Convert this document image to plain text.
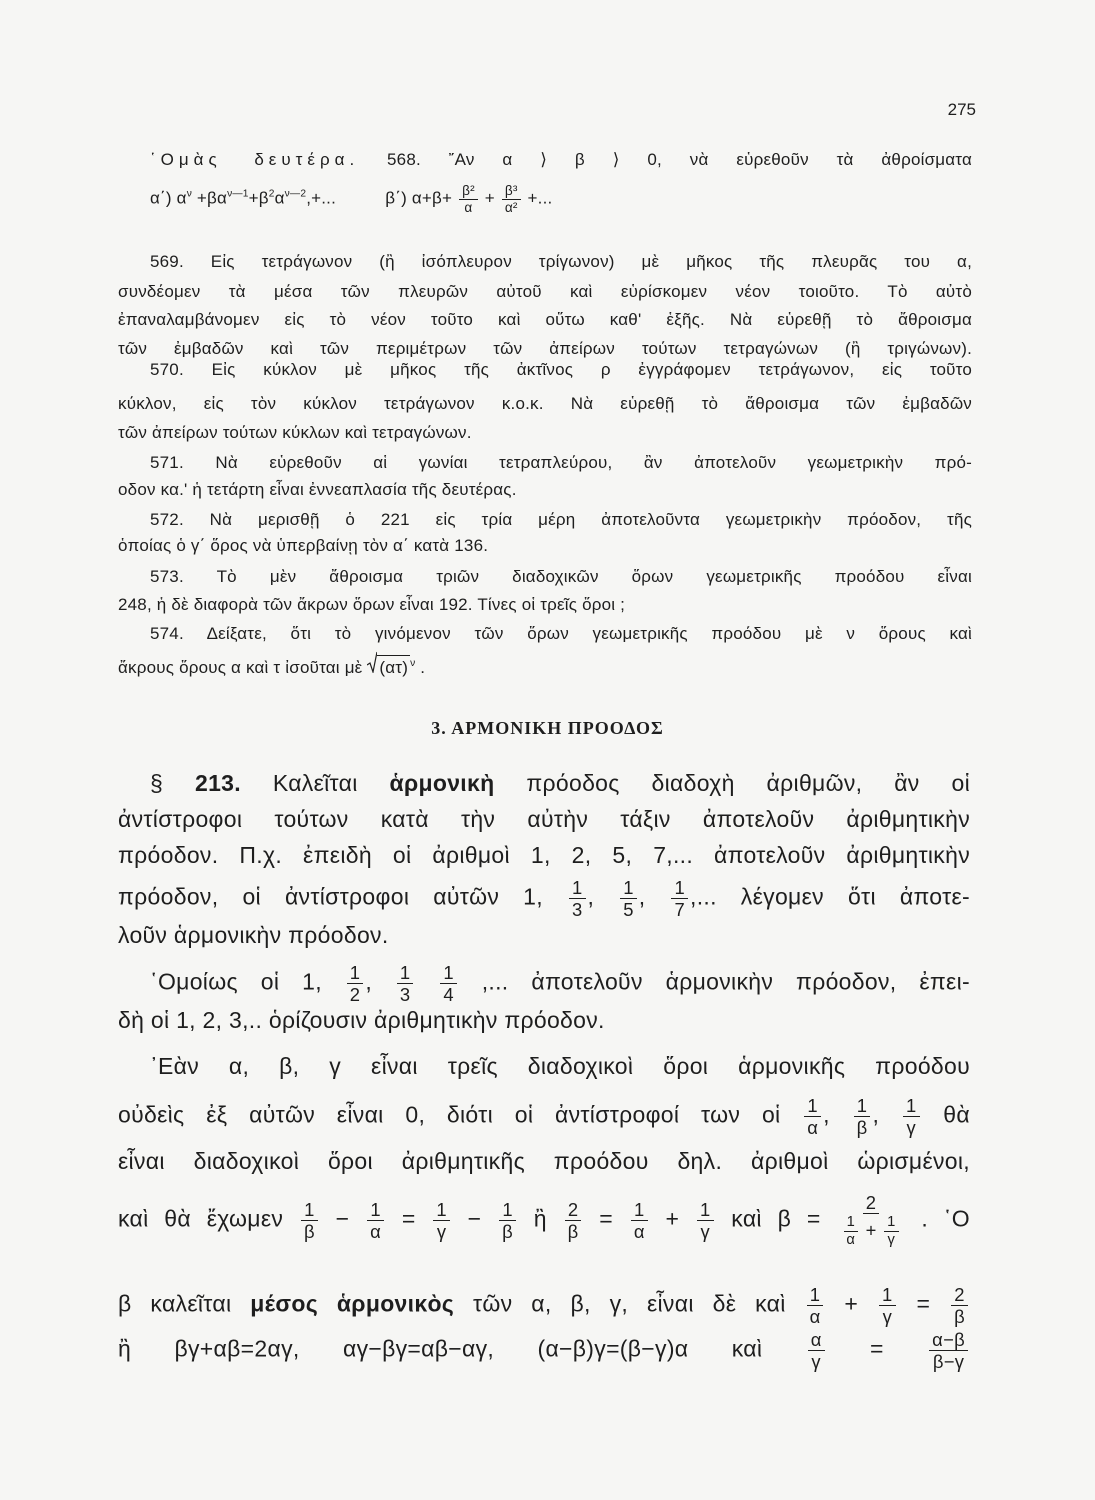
275
῾Ομὰς δευτέρα. 568. ῎Αν α ⟩ β ⟩ 0, νὰ εὑρεθοῦν τὰ ἀθροίσματα
α΄) $\alpha^\nu +\beta\alpha^{\nu—1}+\beta^2\alpha^{\nu—2},+$...          β΄) $\alpha+\beta+ \frac{\text{β²}}{\alpha} + \frac{\text{β³}}{\text{α²}}$ +...
569. Εἰς τετράγωνον (ἢ ἰσόπλευρον τρίγωνον) μὲ μῆκος τῆς πλευρᾶς του α,
συνδέομεν τὰ μέσα τῶν πλευρῶν αὐτοῦ καὶ εὑρίσκομεν νέον τοιοῦτο. Τὸ αὐτὸ
ἐπαναλαμβάνομεν εἰς τὸ νέον τοῦτο καὶ οὕτω καθ' ἑξῆς. Νὰ εὑρεθῇ τὸ ἄθροισμα
τῶν ἐμβαδῶν καὶ τῶν περιμέτρων τῶν ἀπείρων τούτων τετραγώνων (ἢ τριγώνων).
570. Εἰς κύκλον μὲ μῆκος τῆς ἀκτῖνος ρ ἐγγράφομεν τετράγωνον, εἰς τοῦτο
κύκλον, εἰς τὸν κύκλον τετράγωνον κ.ο.κ. Νὰ εὑρεθῇ τὸ ἄθροισμα τῶν ἐμβαδῶν
τῶν ἀπείρων τούτων κύκλων καὶ τετραγώνων.
571. Νὰ εὑρεθοῦν αἱ γωνίαι τετραπλεύρου, ἂν ἀποτελοῦν γεωμετρικὴν πρό-
οδον κα.' ἡ τετάρτη εἶναι ἐννεαπλασία τῆς δευτέρας.
572. Νὰ μερισθῇ ὁ 221 εἰς τρία μέρη ἀποτελοῦντα γεωμετρικὴν πρόοδον, τῆς
ὁποίας ὁ γ΄ ὅρος νὰ ὑπερβαίνῃ τὸν α΄ κατὰ 136.
573. Τὸ μὲν ἄθροισμα τριῶν διαδοχικῶν ὅρων γεωμετρικῆς προόδου εἶναι
248, ἡ δὲ διαφορὰ τῶν ἄκρων ὅρων εἶναι 192. Τίνες οἱ τρεῖς ὅροι ;
574. Δείξατε, ὅτι τὸ γινόμενον τῶν ὅρων γεωμετρικῆς προόδου μὲ ν ὅρους καὶ
ἄκρους ὅρους α καὶ τ ἰσοῦται μὲ (ατ) $^\nu$ .
3. ΑΡΜΟΝΙΚΗ ΠΡΟΟΔΟΣ
§ 213. Καλεῖται ἁρμονικὴ πρόοδος διαδοχὴ ἀριθμῶν, ἂν οἱ
ἀντίστροφοι τούτων κατὰ τὴν αὐτὴν τάξιν ἀποτελοῦν ἀριθμητικὴν
πρόοδον. Π.χ. ἐπειδὴ οἱ ἀριθμοὶ 1, 2, 5, 7,... ἀποτελοῦν ἀριθμητικὴν
πρόοδον, οἱ ἀντίστροφοι αὐτῶν 1, $\frac{1}{3}$ , $\frac{1}{5}$ , $\frac{1}{7}$ ,... λέγομεν ὅτι ἀποτε-
λοῦν ἁρμονικὴν πρόοδον.
῾Ομοίως οἱ 1, $\frac{1}{2}$ , $\frac{1}{3}$
$\frac{1}{4}$ ,... ἀποτελοῦν ἁρμονικὴν πρόοδον, ἐπει-
δὴ οἱ 1, 2, 3,.. ὁρίζουσιν ἀριθμητικὴν πρόοδον.
᾿Εὰν α, β, γ εἶναι τρεῖς διαδοχικοὶ ὅροι ἁρμονικῆς προόδου
οὐδεὶς ἐξ αὐτῶν εἶναι 0, διότι οἱ ἀντίστροφοί των οἱ $\frac{1}{\alpha}$ , $\frac{1}{\beta}$ , $\frac{1}{\gamma}$ θὰ
εἶναι διαδοχικοὶ ὅροι ἀριθμητικῆς προόδου δηλ. ἀριθμοὶ ὡρισμένοι,
καὶ θὰ ἔχωμεν $\frac{1}{\beta} - \frac{1}{\alpha} = \frac{1}{\gamma} - \frac{1}{\beta}$ ἢ $\frac{2}{\beta} = \frac{1}{\alpha} + \frac{1}{\gamma}$ καὶ $\beta = \frac{2}{\frac{1}{\alpha} + \frac{1}{\gamma}}$ . ῾Ο
β καλεῖται μέσος ἁρμονικὸς τῶν α, β, γ, εἶναι δὲ καὶ $\frac{1}{\alpha} + \frac{1}{\gamma} = \frac{2}{\beta}$
ἢ βγ+αβ=2αγ, αγ−βγ=αβ−αγ, (α−β)γ=(β−γ)α καὶ $\frac{\alpha}{\gamma} = \frac{\alpha-\beta}{\beta-\gamma}$
